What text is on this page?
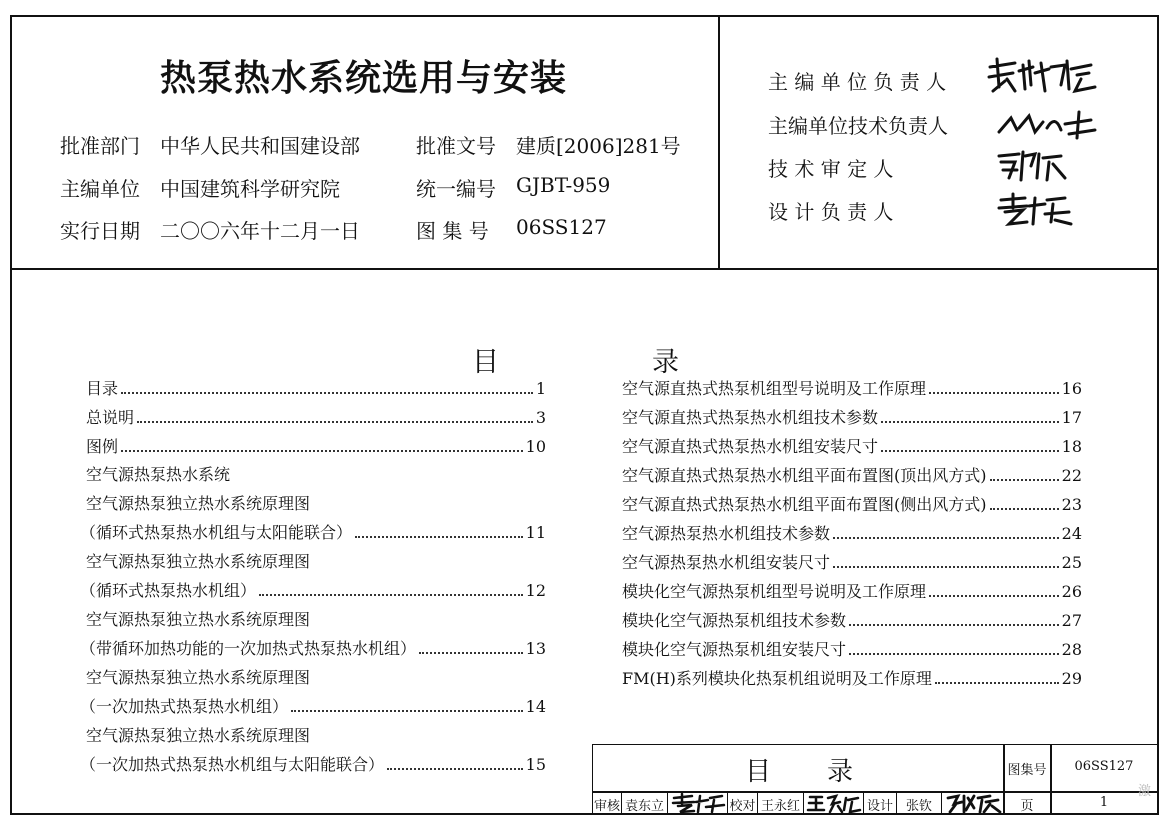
热泵热水系统选用与安装
批准部门 中华人民共和国建设部	批准文号 建质[2006]281号
主编单位 中国建筑科学研究院	统一编号 GJBT-959
实行日期 二〇〇六年十二月一日	图 集 号 06SS127
主 编 单 位 负 责 人
主编单位技术负责人
技 术 审 定 人
设 计 负 责 人
目	录
目录	1
总说明	3
图例	10
空气源热泵热水系统
空气源热泵独立热水系统原理图
（循环式热泵热水机组与太阳能联合）	11
空气源热泵独立热水系统原理图
（循环式热泵热水机组）	12
空气源热泵独立热水系统原理图
（带循环加热功能的一次加热式热泵热水机组）	13
空气源热泵独立热水系统原理图
（一次加热式热泵热水机组）	14
空气源热泵独立热水系统原理图
（一次加热式热泵热水机组与太阳能联合）	15
空气源直热式热泵机组型号说明及工作原理	16
空气源直热式热泵热水机组技术参数	17
空气源直热式热泵热水机组安装尺寸	18
空气源直热式热泵热水机组平面布置图(顶出风方式)	22
空气源直热式热泵热水机组平面布置图(侧出风方式)	23
空气源热泵热水机组技术参数	24
空气源热泵热水机组安装尺寸	25
模块化空气源热泵机组型号说明及工作原理	26
模块化空气源热泵机组技术参数	27
模块化空气源热泵机组安装尺寸	28
FM(H)系列模块化热泵机组说明及工作原理	29
目 录	图集号	06SS127
审核 袁东立	校对 王永红	设计 张钦	页	1
激
